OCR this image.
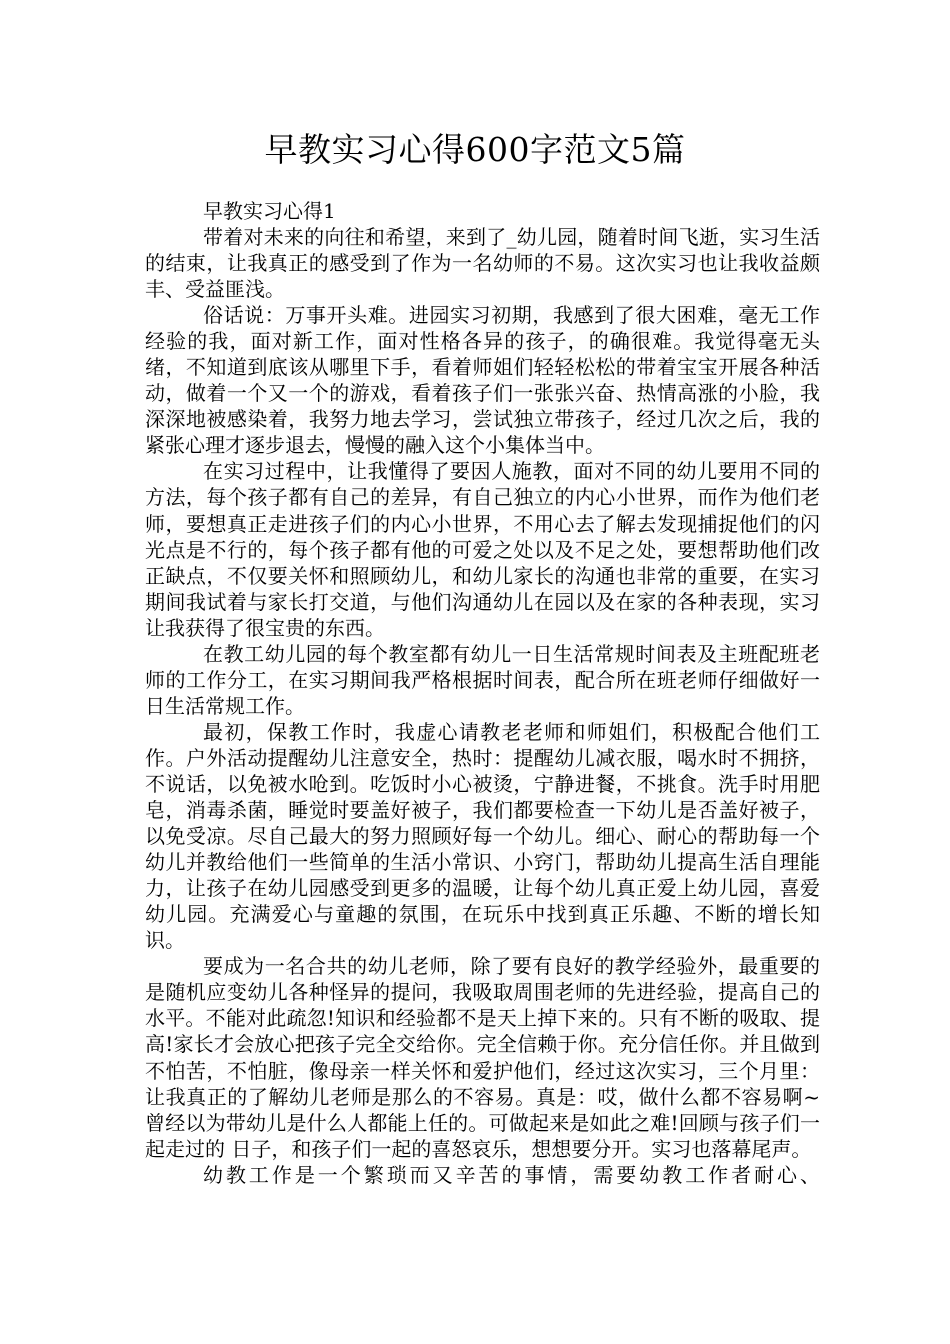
早教实习心得600字范文5篇
早教实习心得1

带着对未来的向往和希望，来到了_幼儿园，随着时间飞逝，实习生活的结束，让我真正的感受到了作为一名幼师的不易。这次实习也让我收益颇丰、受益匪浅。

俗话说：万事开头难。进园实习初期，我感到了很大困难，毫无工作经验的我，面对新工作，面对性格各异的孩子，的确很难。我觉得毫无头绪，不知道到底该从哪里下手，看着师姐们轻轻松松的带着宝宝开展各种活动，做着一个又一个的游戏，看着孩子们一张张兴奋、热情高涨的小脸，我深深地被感染着，我努力地去学习，尝试独立带孩子，经过几次之后，我的紧张心理才逐步退去，慢慢的融入这个小集体当中。

在实习过程中，让我懂得了要因人施教，面对不同的幼儿要用不同的方法，每个孩子都有自己的差异，有自己独立的内心小世界，而作为他们老师，要想真正走进孩子们的内心小世界，不用心去了解去发现捕捉他们的闪光点是不行的，每个孩子都有他的可爱之处以及不足之处，要想帮助他们改正缺点，不仅要关怀和照顾幼儿，和幼儿家长的沟通也非常的重要，在实习期间我试着与家长打交道，与他们沟通幼儿在园以及在家的各种表现，实习让我获得了很宝贵的东西。

在教工幼儿园的每个教室都有幼儿一日生活常规时间表及主班配班老师的工作分工，在实习期间我严格根据时间表，配合所在班老师仔细做好一日生活常规工作。

最初，保教工作时，我虚心请教老老师和师姐们，积极配合他们工作。户外活动提醒幼儿注意安全，热时：提醒幼儿减衣服，喝水时不拥挤，不说话，以免被水呛到。吃饭时小心被烫，宁静进餐，不挑食。洗手时用肥皂，消毒杀菌，睡觉时要盖好被子，我们都要检查一下幼儿是否盖好被子，以免受凉。尽自己最大的努力照顾好每一个幼儿。细心、耐心的帮助每一个幼儿并教给他们一些简单的生活小常识、小窍门，帮助幼儿提高生活自理能力，让孩子在幼儿园感受到更多的温暖，让每个幼儿真正爱上幼儿园，喜爱幼儿园。充满爱心与童趣的氛围，在玩乐中找到真正乐趣、不断的增长知识。

要成为一名合共的幼儿老师，除了要有良好的教学经验外，最重要的是随机应变幼儿各种怪异的提问，我吸取周围老师的先进经验，提高自己的水平。不能对此疏忽!知识和经验都不是天上掉下来的。只有不断的吸取、提高!家长才会放心把孩子完全交给你。完全信赖于你。充分信任你。并且做到不怕苦，不怕脏，像母亲一样关怀和爱护他们，经过这次实习，三个月里：让我真正的了解幼儿老师是那么的不容易。真是：哎，做什么都不容易啊~曾经以为带幼儿是什么人都能上任的。可做起来是如此之难!回顾与孩子们一起走过的 日子，和孩子们一起的喜怒哀乐，想想要分开。实习也落幕尾声。

幼教工作是一个繁琐而又辛苦的事情，需要幼教工作者耐心、
